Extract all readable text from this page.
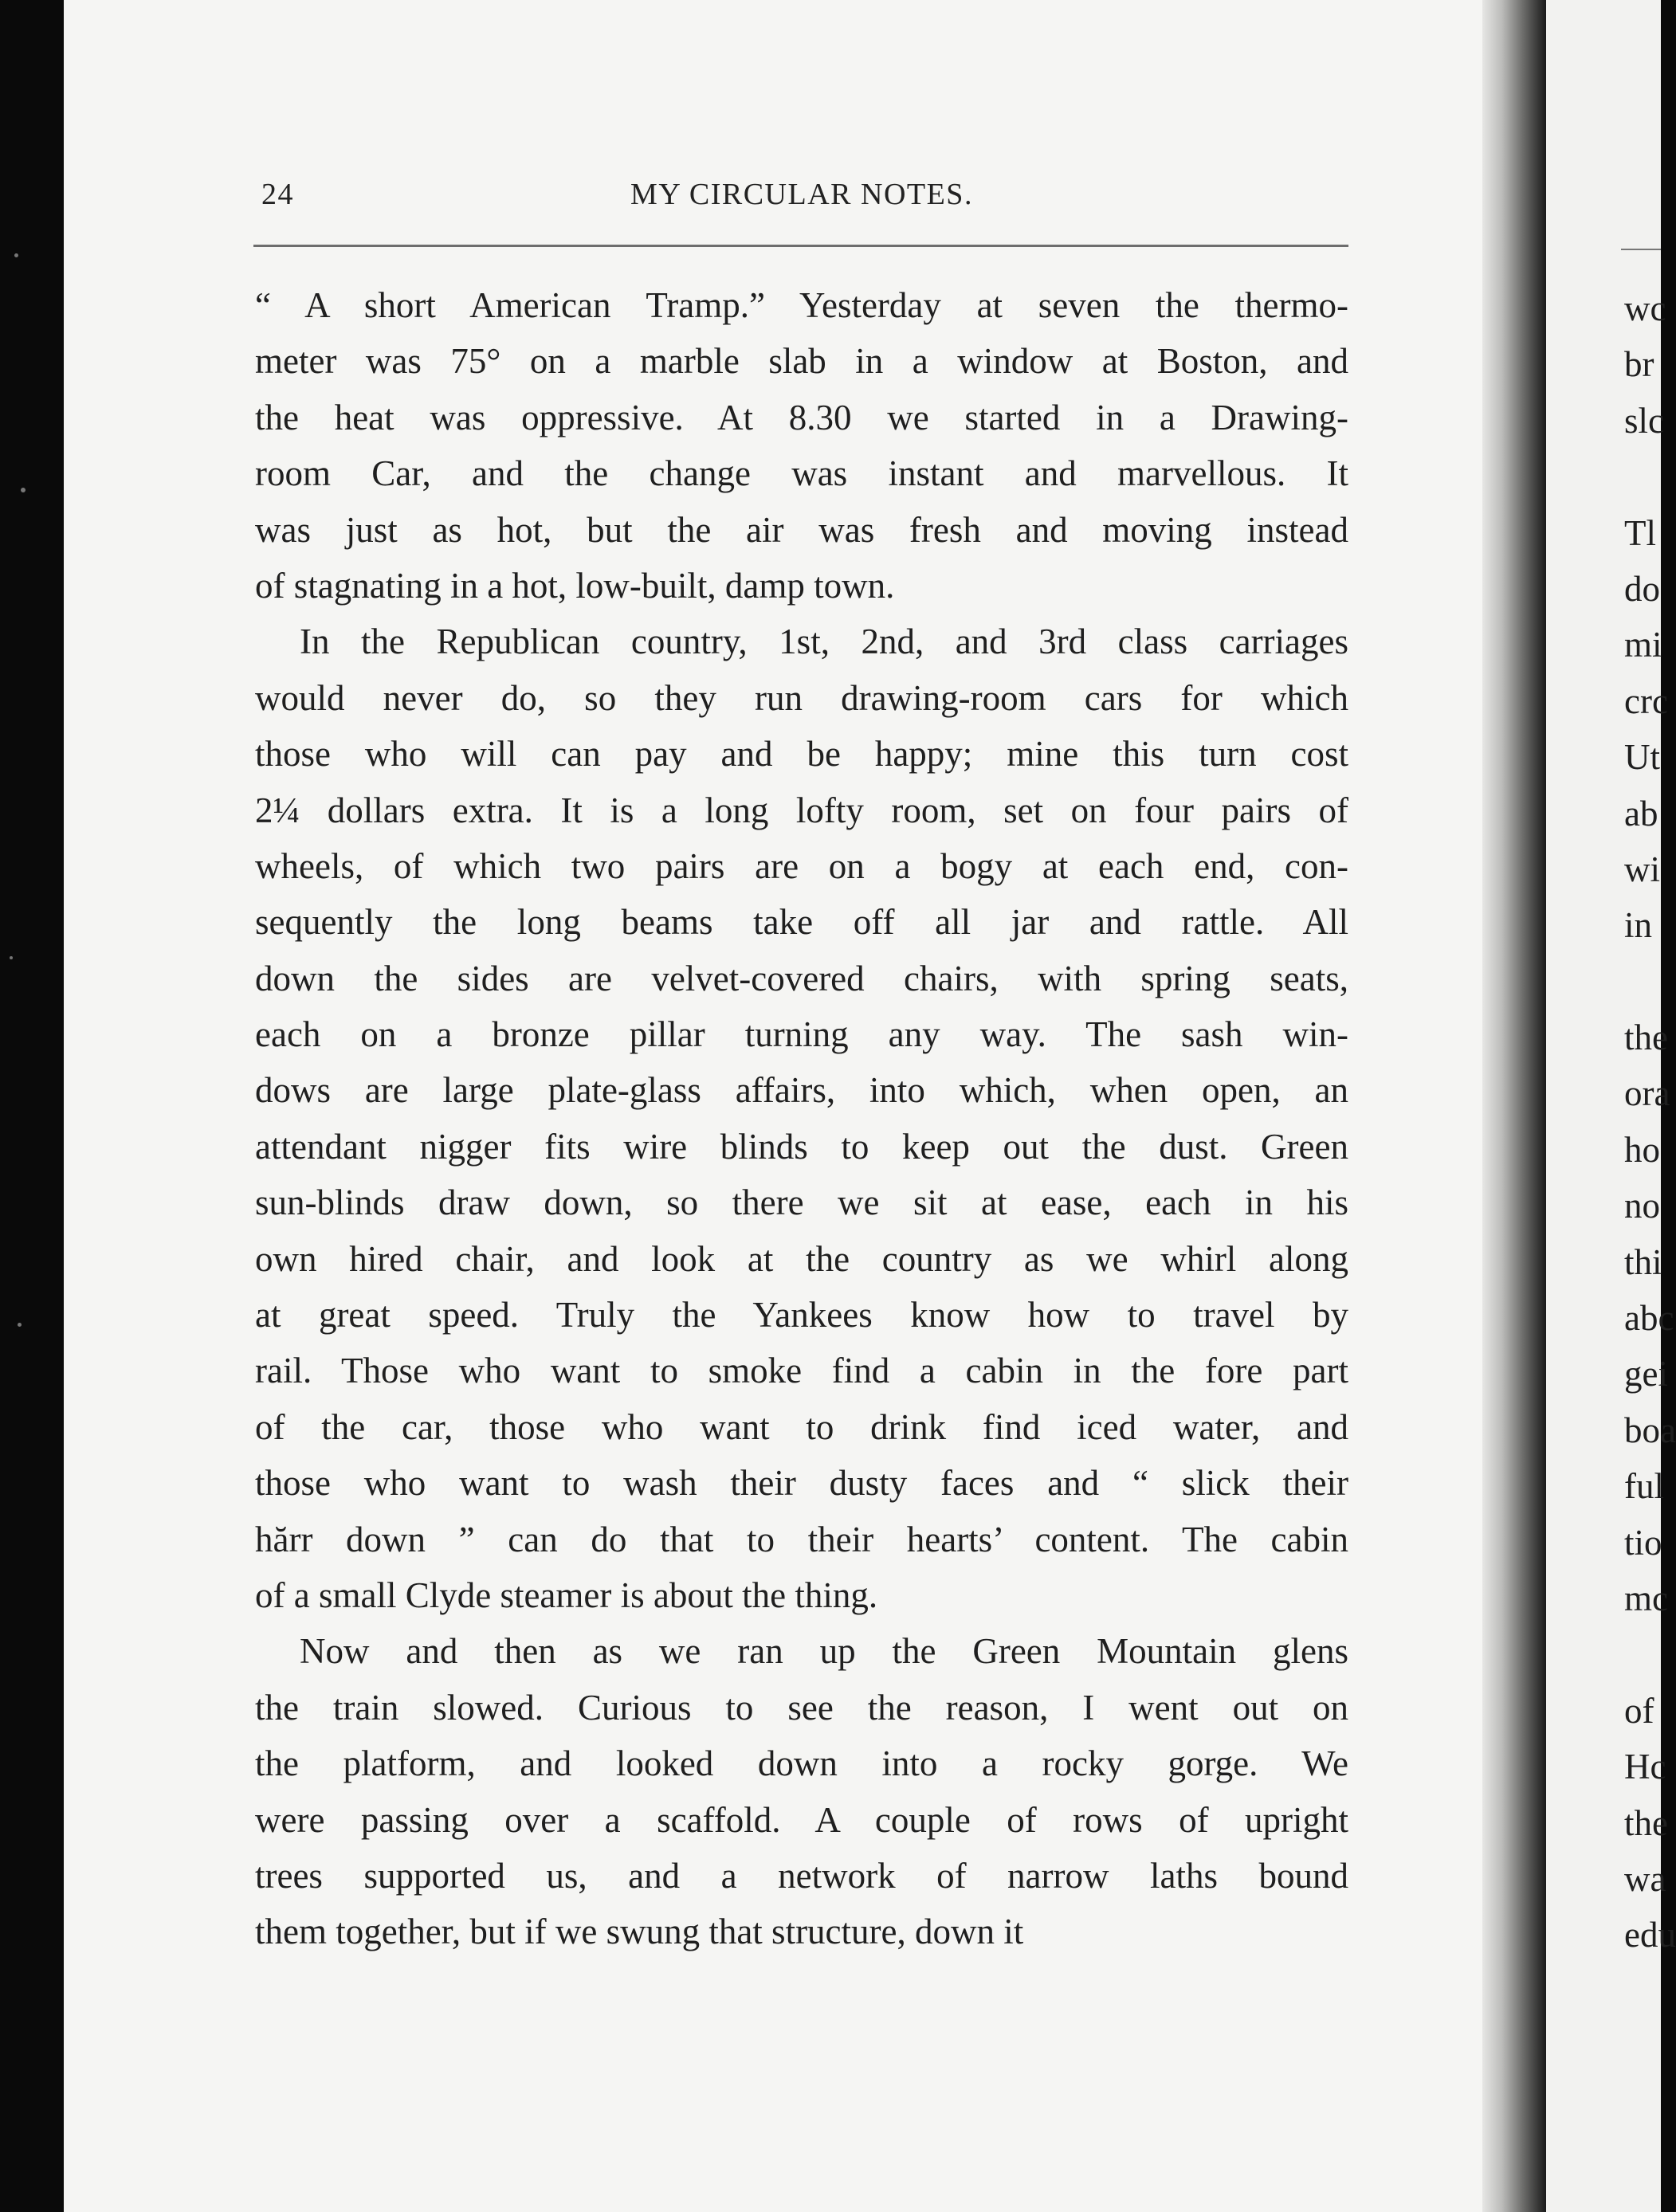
wc
br
slc
Tl
do
mi
crc
Ut
ab
wi
in
the
ora
ho
no
thi
abc
gei
boa
ful
tio
mc
of
Hc
the
wa
edu
24	MY CIRCULAR NOTES.
“ A short American Tramp.” Yesterday at seven the thermo-
meter was 75° on a marble slab in a window at Boston, and
the heat was oppressive. At 8.30 we started in a Drawing-
room Car, and the change was instant and marvellous. It
was just as hot, but the air was fresh and moving instead
of stagnating in a hot, low-built, damp town.
In the Republican country, 1st, 2nd, and 3rd class carriages
would never do, so they run drawing-room cars for which
those who will can pay and be happy; mine this turn cost
2¼ dollars extra. It is a long lofty room, set on four pairs of
wheels, of which two pairs are on a bogy at each end, con-
sequently the long beams take off all jar and rattle. All
down the sides are velvet-covered chairs, with spring seats,
each on a bronze pillar turning any way. The sash win-
dows are large plate-glass affairs, into which, when open, an
attendant nigger fits wire blinds to keep out the dust. Green
sun-blinds draw down, so there we sit at ease, each in his
own hired chair, and look at the country as we whirl along
at great speed. Truly the Yankees know how to travel by
rail. Those who want to smoke find a cabin in the fore part
of the car, those who want to drink find iced water, and
those who want to wash their dusty faces and “ slick their
hărr down ” can do that to their hearts’ content. The cabin
of a small Clyde steamer is about the thing.
Now and then as we ran up the Green Mountain glens
the train slowed. Curious to see the reason, I went out on
the platform, and looked down into a rocky gorge. We
were passing over a scaffold. A couple of rows of upright
trees supported us, and a network of narrow laths bound
them together, but if we swung that structure, down it
